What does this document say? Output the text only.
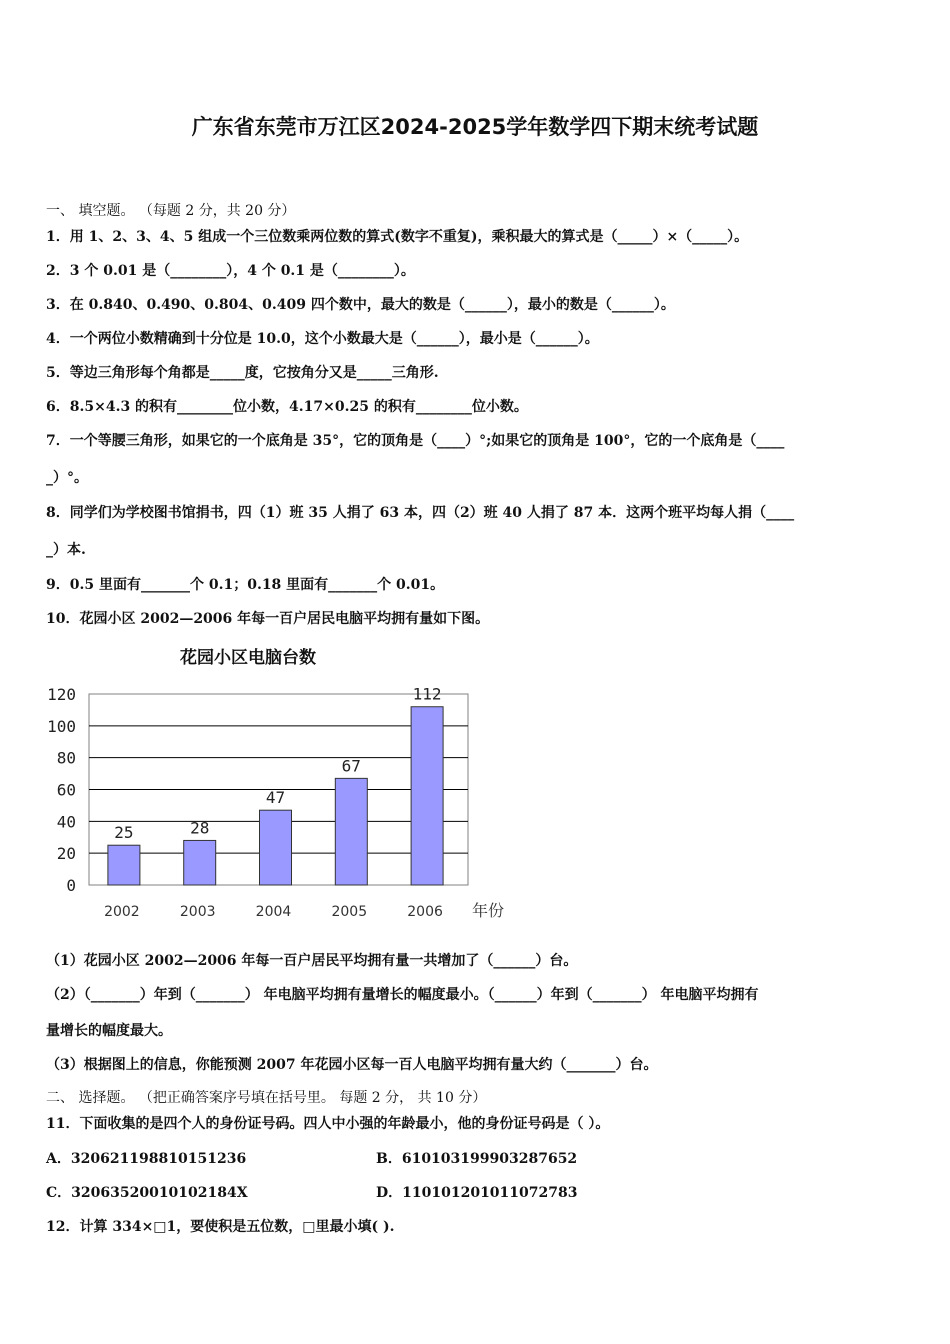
广东省东莞市万江区2024-2025学年数学四下期末统考试题
一、 填空题。 （每题 2 分，共 20 分）
1．用 1、2、3、4、5 组成一个三位数乘两位数的算式(数字不重复)，乘积最大的算式是（_____）×（_____）。
2．3 个 0.01 是（________），4 个 0.1 是（________）。
3．在 0.840、0.490、0.804、0.409 四个数中，最大的数是（______），最小的数是（______）。
4．一个两位小数精确到十分位是 10.0，这个小数最大是（______），最小是（______）。
5．等边三角形每个角都是_____度，它按角分又是_____三角形.
6．8.5×4.3 的积有________位小数，4.17×0.25 的积有________位小数。
7．一个等腰三角形，如果它的一个底角是 35°，它的顶角是（____）°;如果它的顶角是 100°，它的一个底角是（____
_）°。
8．同学们为学校图书馆捐书，四（1）班 35 人捐了 63 本，四（2）班 40 人捐了 87 本．这两个班平均每人捐（____
_）本.
9．0.5 里面有_______个 0.1；0.18 里面有_______个 0.01。
10．花园小区 2002—2006 年每一百户居民电脑平均拥有量如下图。
花园小区电脑台数
0
20
40
60
80
100
120
25
2002
28
2003
47
2004
67
2005
112
2006 年份
（1）花园小区 2002—2006 年每一百户居民平均拥有量一共增加了（______）台。
（2）（_______）年到（_______） 年电脑平均拥有量增长的幅度最小。（______）年到（_______） 年电脑平均拥有
量增长的幅度最大。
（3）根据图上的信息，你能预测 2007 年花园小区每一百人电脑平均拥有量大约（_______）台。
二、 选择题。 （把正确答案序号填在括号里。 每题 2 分， 共 10 分）
11．下面收集的是四个人的身份证号码。四人中小强的年龄最小，他的身份证号码是（ ）。
A．320621198810151236	B．610103199903287652
C．32063520010102184X	D．110101201011072783
12．计算 334×□1，要使积是五位数，□里最小填( ).
